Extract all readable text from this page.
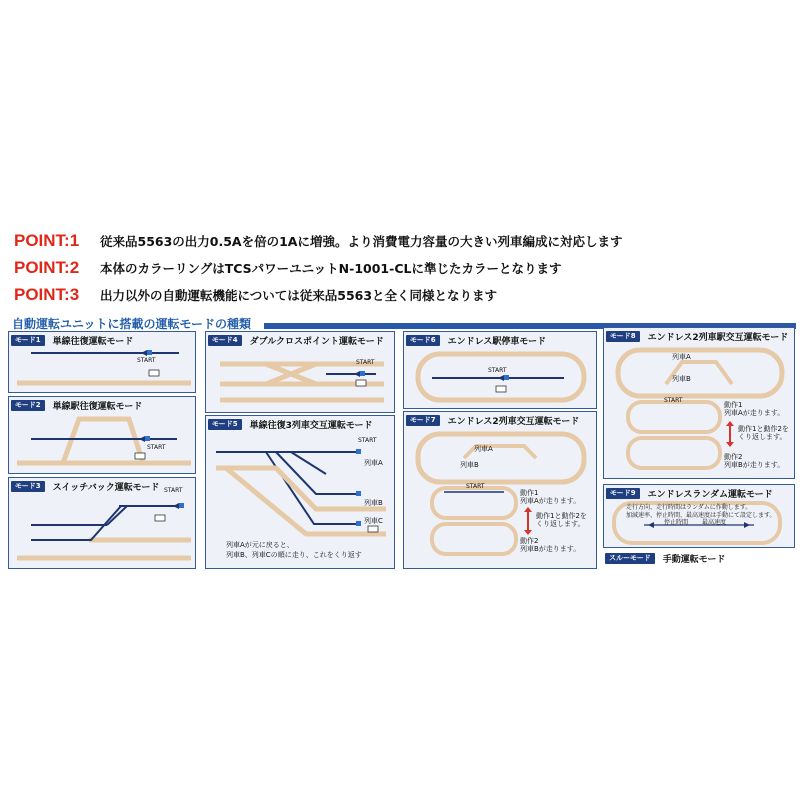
POINT:1	従来品5563の出力0.5Aを倍の1Aに増強。より消費電力容量の大きい列車編成に対応します
POINT:2	本体のカラーリングはTCSパワーユニットN-1001-CLに準じたカラーとなります
POINT:3	出力以外の自動運転機能については従来品5563と全く同様となります
自動運転ユニットに搭載の運転モードの種類
モード1	単線往復運転モード
START
モード2	単線駅往復運転モード
START
モード3	スイッチバック運転モード START
モード4	ダブルクロスポイント運転モード
START
モード5	単線往復3列車交互運転モード
START
列車A
列車B
列車C
列車Aが元に戻ると、
列車B、列車Cの順に走り、これをくり返す
モード6	エンドレス駅停車モード
START
モード7	エンドレス2列車交互運転モード
列車A
列車B
START
動作1
列車Aが走ります。
動作1と動作2を
くり返します。
動作2
列車Bが走ります。
モード8	エンドレス2列車駅交互運転モード
列車A
列車B
START
動作1
列車Aが走ります。
動作1と動作2を
くり返します。
動作2
列車Bが走ります。
モード9	エンドレスランダム運転モード
走行方向、走行時間はランダムに作動します。
加減速率、停止時間、最高速度は手動にて設定します。
停止時間 最高速度
スルーモード	手動運転モード
